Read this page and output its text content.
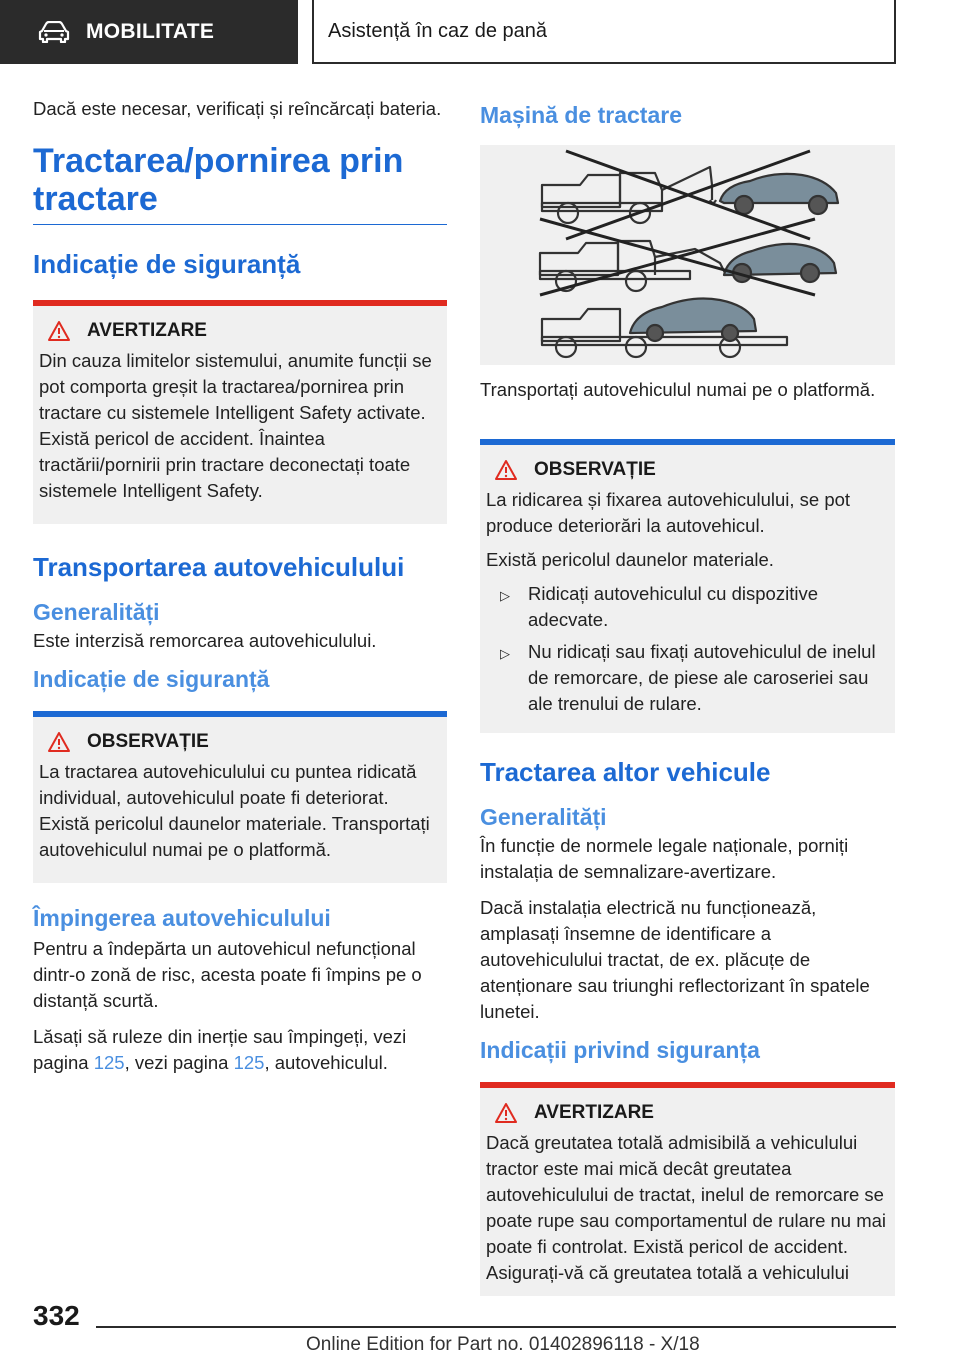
MOBILITATE	Asistență în caz de pană

Dacă este necesar, verificați și reîncărcați bateria.

Tractarea/pornirea prin tractare
Indicație de siguranță
AVERTIZARE

Din cauza limitelor sistemului, anumite funcții se pot comporta greșit la tractarea/pornirea prin tractare cu sistemele Intelligent Safety activate. Există pericol de accident. Înaintea tractării/pornirii prin tractare deconectați toate sistemele Intelligent Safety.

Transportarea autovehiculului
Generalități

Este interzisă remorcarea autovehiculului.

Indicație de siguranță
OBSERVAȚIE

La tractarea autovehiculului cu puntea ridicată individual, autovehiculul poate fi deteriorat. Există pericolul daunelor materiale. Transportați autovehiculul numai pe o platformă.

Împingerea autovehiculului

Pentru a îndepărta un autovehicul nefuncțional dintr-o zonă de risc, acesta poate fi împins pe o distanță scurtă.

Lăsați să ruleze din inerție sau împingeți, vezi pagina 125, vezi pagina 125, autovehiculul.

Mașină de tractare

Transportați autovehiculul numai pe o platformă.

OBSERVAȚIE

La ridicarea și fixarea autovehiculului, se pot produce deteriorări la autovehicul.

Există pericolul daunelor materiale.

▷ Ridicați autovehiculul cu dispozitive adecvate.
▷ Nu ridicați sau fixați autovehiculul de inelul de remorcare, de piese ale caroseriei sau ale trenului de rulare.
Tractarea altor vehicule
Generalități

În funcție de normele legale naționale, porniți instalația de semnalizare-avertizare.

Dacă instalația electrică nu funcționează, amplasați însemne de identificare a autovehiculului tractat, de ex. plăcuțe de atenționare sau triunghi reflectorizant în spatele lunetei.

Indicații privind siguranța
AVERTIZARE

Dacă greutatea totală admisibilă a vehiculului tractor este mai mică decât greutatea autovehiculului de tractat, inelul de remorcare se poate rupe sau comportamentul de rulare nu mai poate fi controlat. Există pericol de accident. Asigurați-vă că greutatea totală a vehiculului

332
Online Edition for Part no. 01402896118 - X/18
